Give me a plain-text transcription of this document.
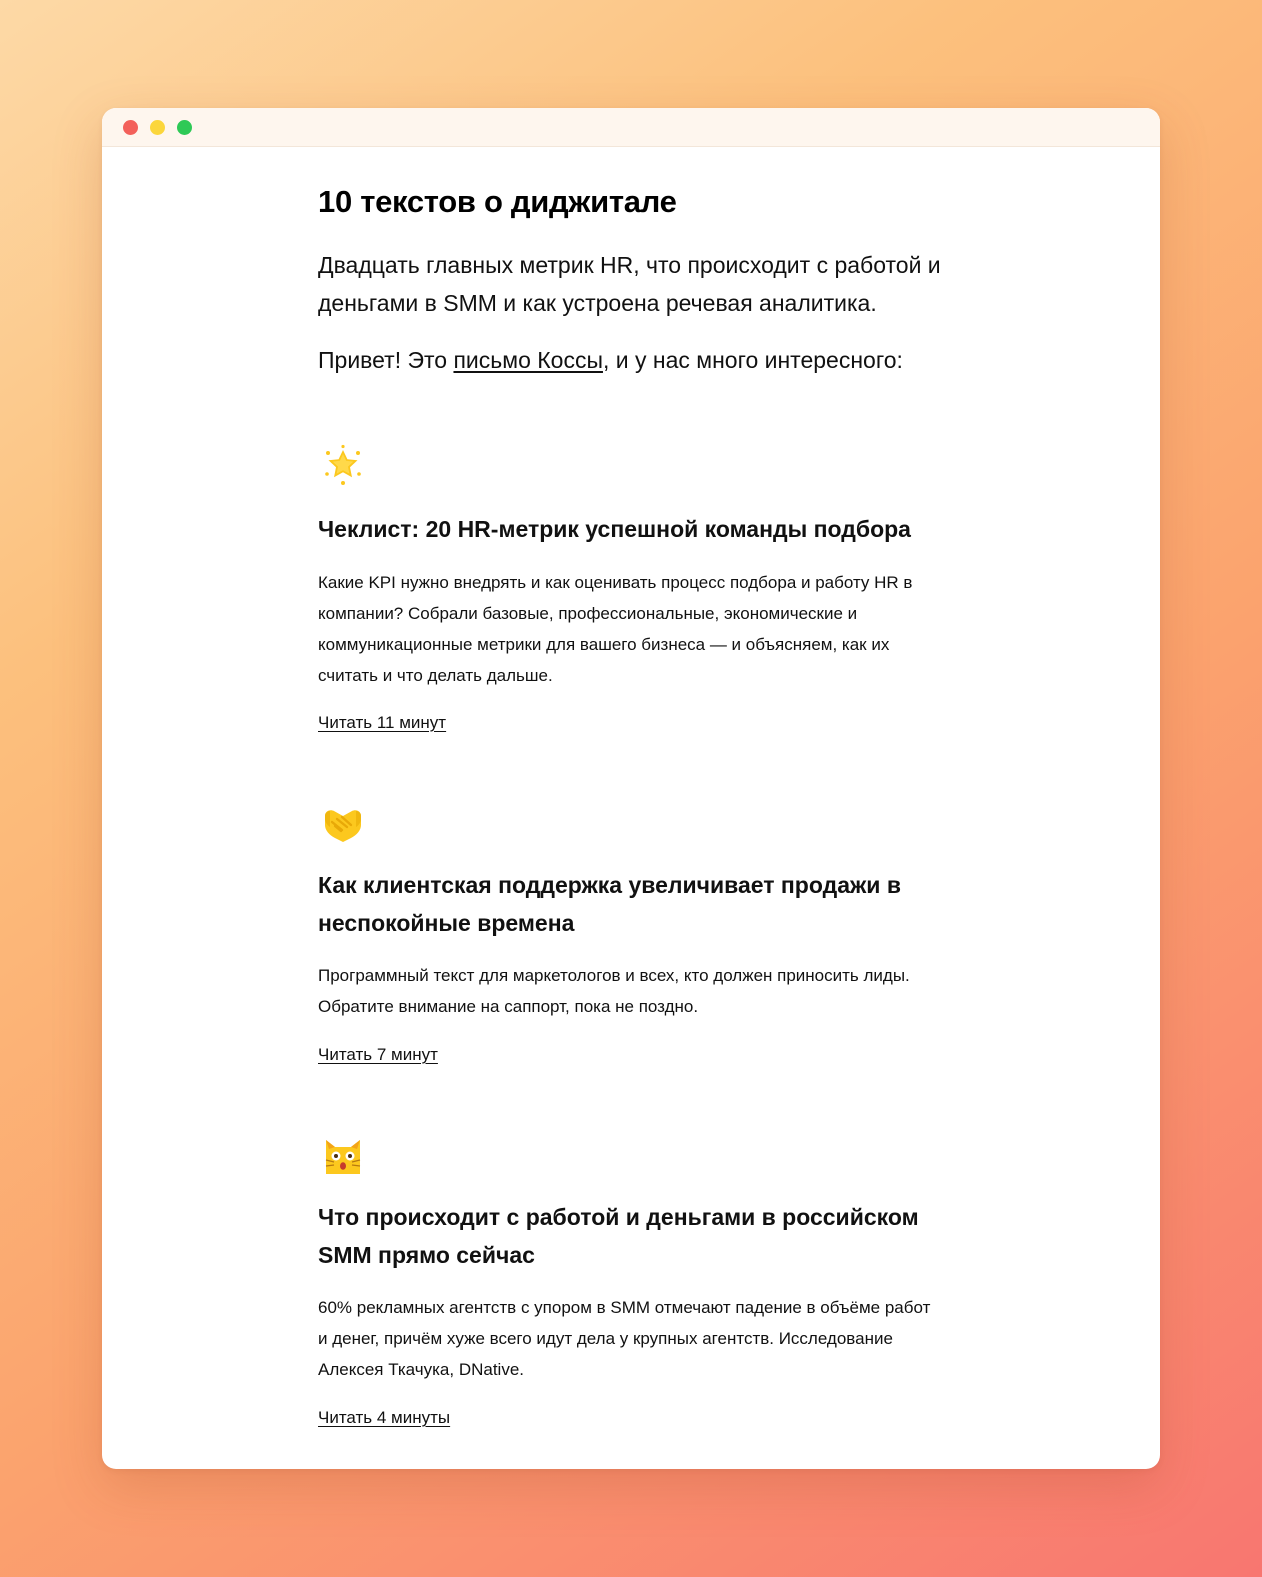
10 текстов о диджитале

Двадцать главных метрик HR, что происходит с работой и деньгами в SMM и как устроена речевая аналитика.

Привет! Это письмо Коссы, и у нас много интересного:

Чеклист: 20 HR-метрик успешной команды подбора

Какие KPI нужно внедрять и как оценивать процесс подбора и работу HR в компании? Собрали базовые, профессиональные, экономические и коммуникационные метрики для вашего бизнеса — и объясняем, как их считать и что делать дальше.

Читать 11 минут
Как клиентская поддержка увеличивает продажи в неспокойные времена

Программный текст для маркетологов и всех, кто должен приносить лиды. Обратите внимание на саппорт, пока не поздно.

Читать 7 минут
Что происходит с работой и деньгами в российском SMM прямо сейчас

60% рекламных агентств с упором в SMM отмечают падение в объёме работ и денег, причём хуже всего идут дела у крупных агентств. Исследование Алексея Ткачука, DNative.

Читать 4 минуты
